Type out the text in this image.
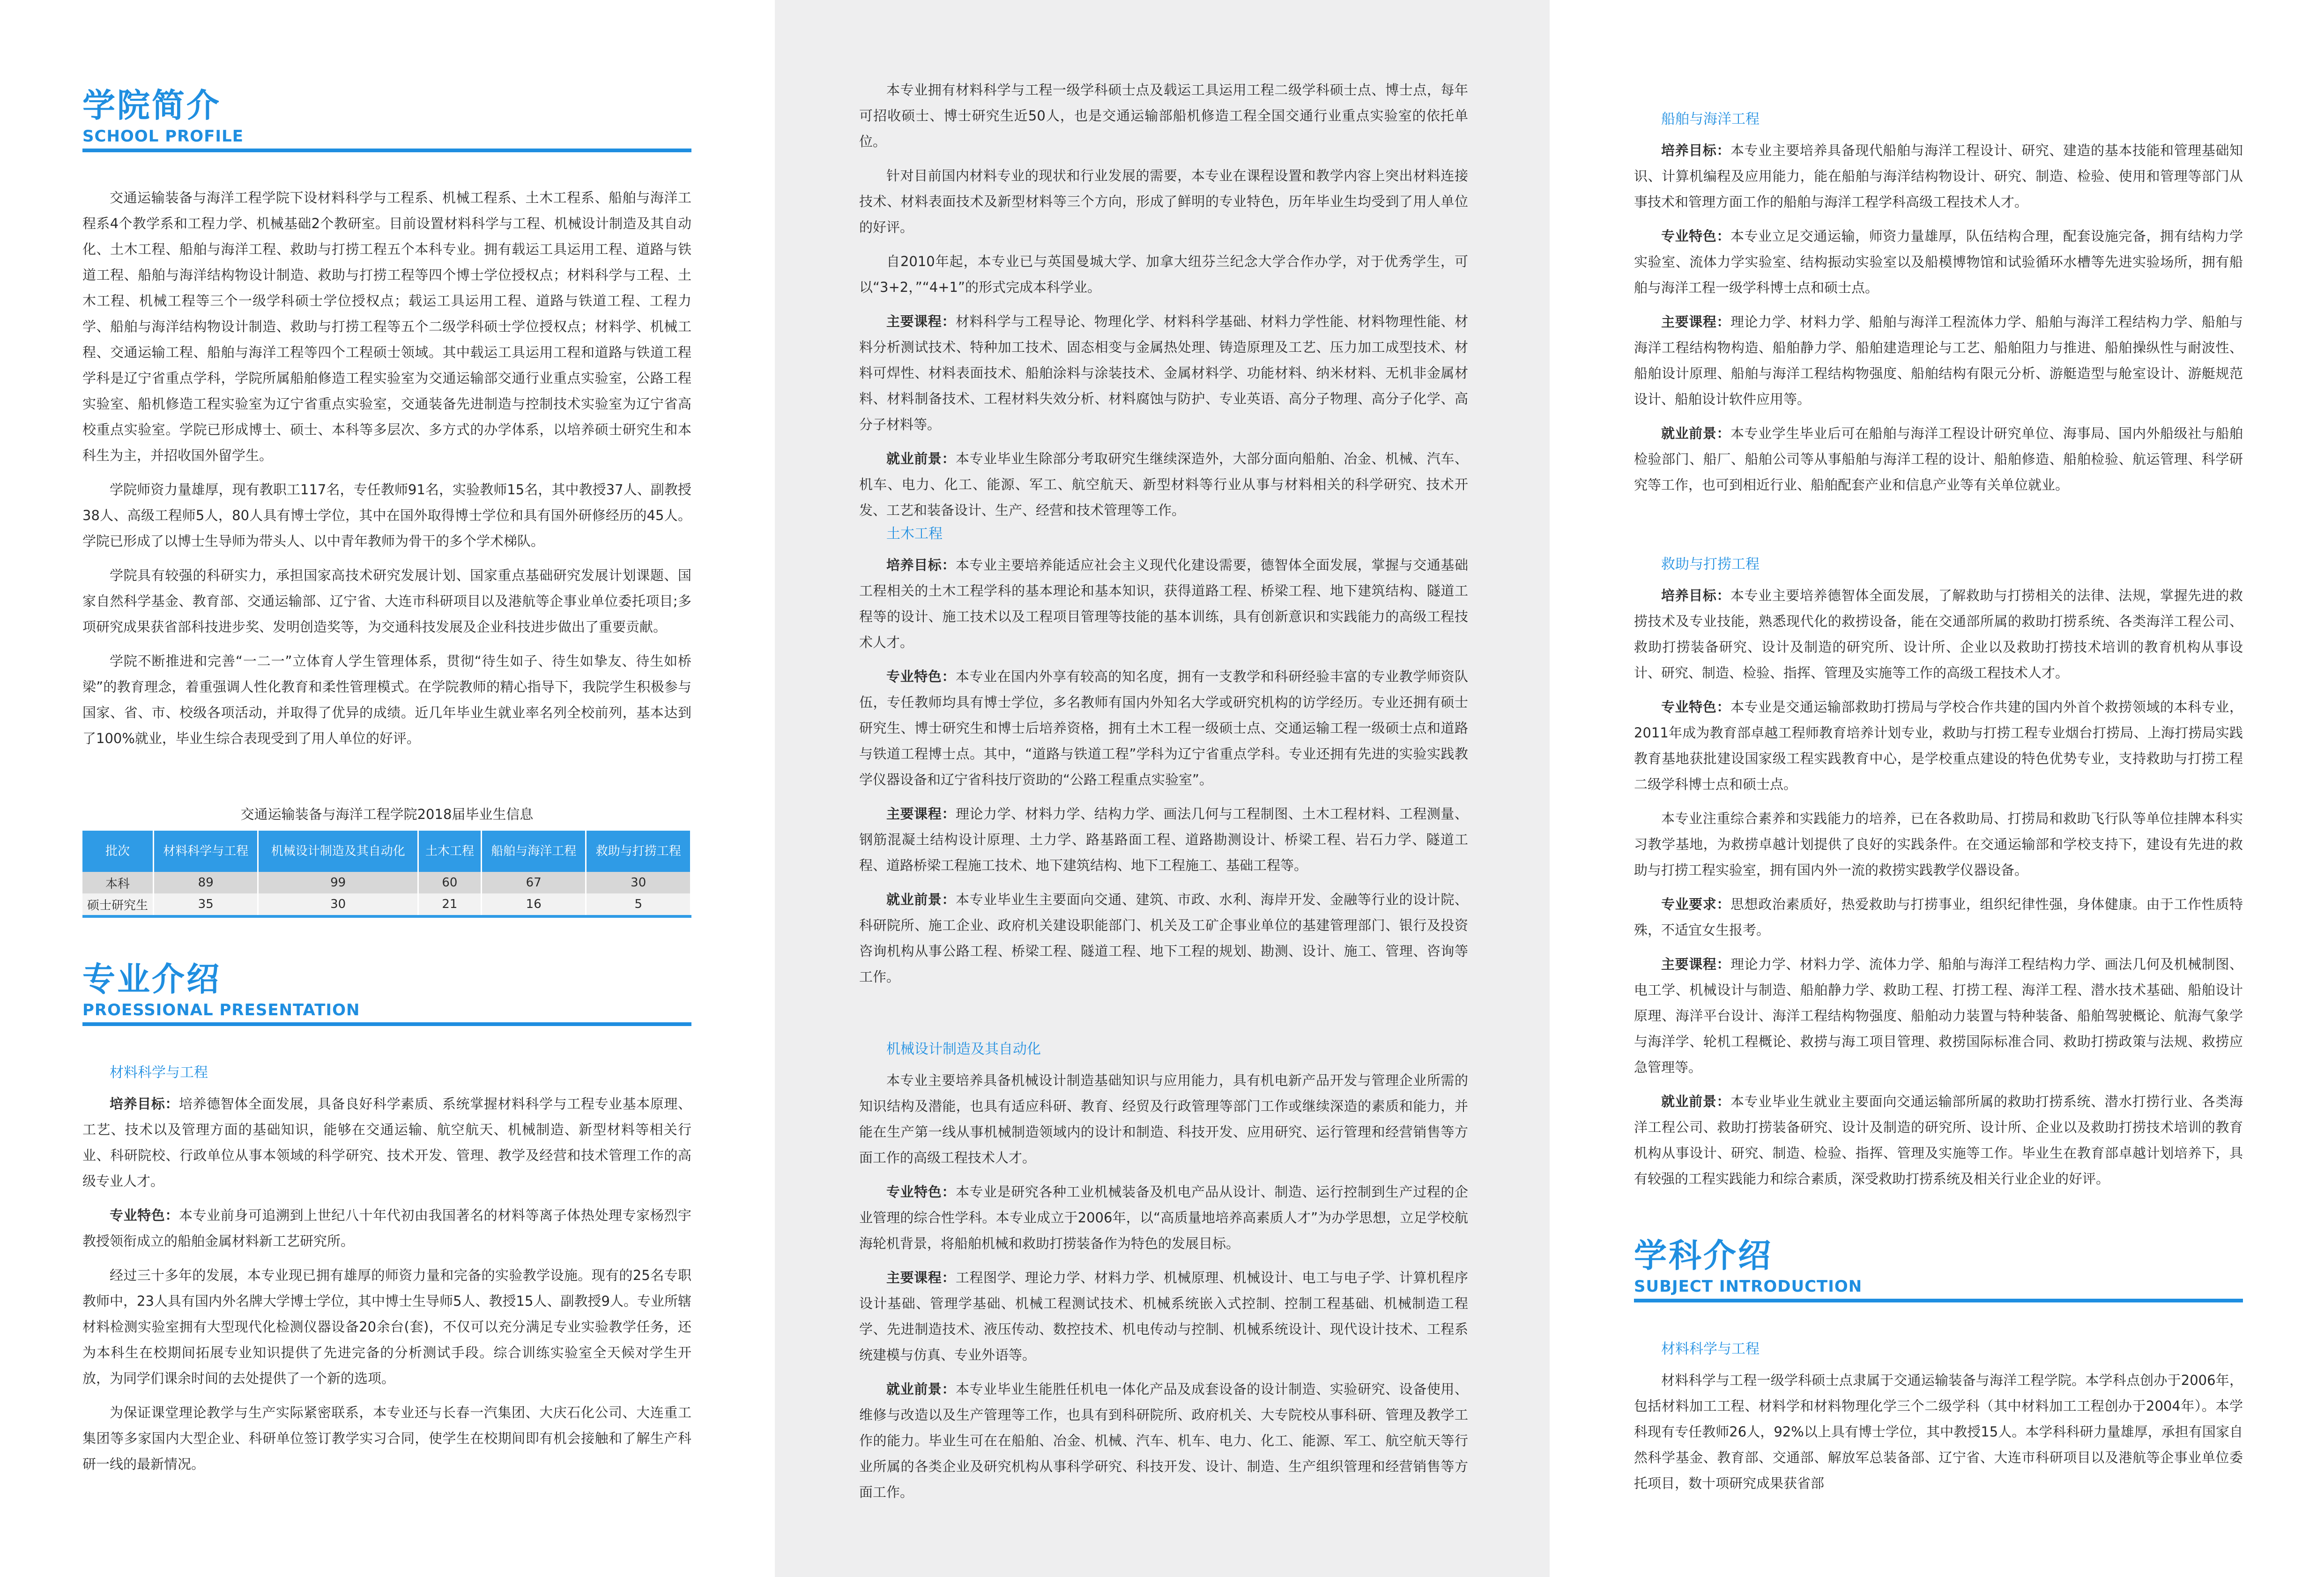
学院简介
SCHOOL PROFILE

交通运输装备与海洋工程学院下设材料科学与工程系、机械工程系、土木工程系、船舶与海洋工程系4个教学系和工程力学、机械基础2个教研室。目前设置材料科学与工程、机械设计制造及其自动化、土木工程、船舶与海洋工程、救助与打捞工程五个本科专业。拥有载运工具运用工程、道路与铁道工程、船舶与海洋结构物设计制造、救助与打捞工程等四个博士学位授权点；材料科学与工程、土木工程、机械工程等三个一级学科硕士学位授权点；载运工具运用工程、道路与铁道工程、工程力学、船舶与海洋结构物设计制造、救助与打捞工程等五个二级学科硕士学位授权点；材料学、机械工程、交通运输工程、船舶与海洋工程等四个工程硕士领域。其中载运工具运用工程和道路与铁道工程学科是辽宁省重点学科，学院所属船舶修造工程实验室为交通运输部交通行业重点实验室，公路工程实验室、船机修造工程实验室为辽宁省重点实验室，交通装备先进制造与控制技术实验室为辽宁省高校重点实验室。学院已形成博士、硕士、本科等多层次、多方式的办学体系，以培养硕士研究生和本科生为主，并招收国外留学生。

学院师资力量雄厚，现有教职工117名，专任教师91名，实验教师15名，其中教授37人、副教授38人、高级工程师5人，80人具有博士学位，其中在国外取得博士学位和具有国外研修经历的45人。学院已形成了以博士生导师为带头人、以中青年教师为骨干的多个学术梯队。

学院具有较强的科研实力，承担国家高技术研究发展计划、国家重点基础研究发展计划课题、国家自然科学基金、教育部、交通运输部、辽宁省、大连市科研项目以及港航等企事业单位委托项目;多项研究成果获省部科技进步奖、发明创造奖等，为交通科技发展及企业科技进步做出了重要贡献。

学院不断推进和完善“一二一”立体育人学生管理体系，贯彻“待生如子、待生如挚友、待生如桥梁”的教育理念，着重强调人性化教育和柔性管理模式。在学院教师的精心指导下，我院学生积极参与国家、省、市、校级各项活动，并取得了优异的成绩。近几年毕业生就业率名列全校前列，基本达到了100%就业，毕业生综合表现受到了用人单位的好评。

交通运输装备与海洋工程学院2018届毕业生信息
批次	材料科学与工程	机械设计制造及其自动化	土木工程	船舶与海洋工程	救助与打捞工程
本科	89	99	60	67	30
硕士研究生	35	30	21	16	5
专业介绍
PROESSIONAL PRESENTATION
材料科学与工程

培养目标：培养德智体全面发展，具备良好科学素质、系统掌握材料科学与工程专业基本原理、工艺、技术以及管理方面的基础知识，能够在交通运输、航空航天、机械制造、新型材料等相关行业、科研院校、行政单位从事本领域的科学研究、技术开发、管理、教学及经营和技术管理工作的高级专业人才。

专业特色：本专业前身可追溯到上世纪八十年代初由我国著名的材料等离子体热处理专家杨烈宇教授领衔成立的船舶金属材料新工艺研究所。

经过三十多年的发展，本专业现已拥有雄厚的师资力量和完备的实验教学设施。现有的25名专职教师中，23人具有国内外名牌大学博士学位，其中博士生导师5人、教授15人、副教授9人。专业所辖材料检测实验室拥有大型现代化检测仪器设备20余台(套)，不仅可以充分满足专业实验教学任务，还为本科生在校期间拓展专业知识提供了先进完备的分析测试手段。综合训练实验室全天候对学生开放，为同学们课余时间的去处提供了一个新的选项。

为保证课堂理论教学与生产实际紧密联系，本专业还与长春一汽集团、大庆石化公司、大连重工集团等多家国内大型企业、科研单位签订教学实习合同，使学生在校期间即有机会接触和了解生产科研一线的最新情况。

本专业拥有材料科学与工程一级学科硕士点及载运工具运用工程二级学科硕士点、博士点，每年可招收硕士、博士研究生近50人，也是交通运输部船机修造工程全国交通行业重点实验室的依托单位。

针对目前国内材料专业的现状和行业发展的需要，本专业在课程设置和教学内容上突出材料连接技术、材料表面技术及新型材料等三个方向，形成了鲜明的专业特色，历年毕业生均受到了用人单位的好评。

自2010年起，本专业已与英国曼城大学、加拿大纽芬兰纪念大学合作办学，对于优秀学生，可以“3+2，”“4+1”的形式完成本科学业。

主要课程：材料科学与工程导论、物理化学、材料科学基础、材料力学性能、材料物理性能、材料分析测试技术、特种加工技术、固态相变与金属热处理、铸造原理及工艺、压力加工成型技术、材料可焊性、材料表面技术、船舶涂料与涂装技术、金属材料学、功能材料、纳米材料、无机非金属材料、材料制备技术、工程材料失效分析、材料腐蚀与防护、专业英语、高分子物理、高分子化学、高分子材料等。

就业前景：本专业毕业生除部分考取研究生继续深造外，大部分面向船舶、冶金、机械、汽车、机车、电力、化工、能源、军工、航空航天、新型材料等行业从事与材料相关的科学研究、技术开发、工艺和装备设计、生产、经营和技术管理等工作。

土木工程

培养目标：本专业主要培养能适应社会主义现代化建设需要，德智体全面发展，掌握与交通基础工程相关的土木工程学科的基本理论和基本知识，获得道路工程、桥梁工程、地下建筑结构、隧道工程等的设计、施工技术以及工程项目管理等技能的基本训练，具有创新意识和实践能力的高级工程技术人才。

专业特色：本专业在国内外享有较高的知名度，拥有一支教学和科研经验丰富的专业教学师资队伍，专任教师均具有博士学位，多名教师有国内外知名大学或研究机构的访学经历。专业还拥有硕士研究生、博士研究生和博士后培养资格，拥有土木工程一级硕士点、交通运输工程一级硕士点和道路与铁道工程博士点。其中，“道路与铁道工程”学科为辽宁省重点学科。专业还拥有先进的实验实践教学仪器设备和辽宁省科技厅资助的“公路工程重点实验室”。

主要课程：理论力学、材料力学、结构力学、画法几何与工程制图、土木工程材料、工程测量、钢筋混凝土结构设计原理、土力学、路基路面工程、道路勘测设计、桥梁工程、岩石力学、隧道工程、道路桥梁工程施工技术、地下建筑结构、地下工程施工、基础工程等。

就业前景：本专业毕业生主要面向交通、建筑、市政、水利、海岸开发、金融等行业的设计院、科研院所、施工企业、政府机关建设职能部门、机关及工矿企事业单位的基建管理部门、银行及投资咨询机构从事公路工程、桥梁工程、隧道工程、地下工程的规划、勘测、设计、施工、管理、咨询等工作。

机械设计制造及其自动化

本专业主要培养具备机械设计制造基础知识与应用能力，具有机电新产品开发与管理企业所需的知识结构及潜能，也具有适应科研、教育、经贸及行政管理等部门工作或继续深造的素质和能力，并能在生产第一线从事机械制造领域内的设计和制造、科技开发、应用研究、运行管理和经营销售等方面工作的高级工程技术人才。

专业特色：本专业是研究各种工业机械装备及机电产品从设计、制造、运行控制到生产过程的企业管理的综合性学科。本专业成立于2006年，以“高质量地培养高素质人才”为办学思想，立足学校航海轮机背景，将船舶机械和救助打捞装备作为特色的发展目标。

主要课程：工程图学、理论力学、材料力学、机械原理、机械设计、电工与电子学、计算机程序设计基础、管理学基础、机械工程测试技术、机械系统嵌入式控制、控制工程基础、机械制造工程学、先进制造技术、液压传动、数控技术、机电传动与控制、机械系统设计、现代设计技术、工程系统建模与仿真、专业外语等。

就业前景：本专业毕业生能胜任机电一体化产品及成套设备的设计制造、实验研究、设备使用、维修与改造以及生产管理等工作，也具有到科研院所、政府机关、大专院校从事科研、管理及教学工作的能力。毕业生可在在船舶、冶金、机械、汽车、机车、电力、化工、能源、军工、航空航天等行业所属的各类企业及研究机构从事科学研究、科技开发、设计、制造、生产组织管理和经营销售等方面工作。

船舶与海洋工程

培养目标：本专业主要培养具备现代船舶与海洋工程设计、研究、建造的基本技能和管理基础知识、计算机编程及应用能力，能在船舶与海洋结构物设计、研究、制造、检验、使用和管理等部门从事技术和管理方面工作的船舶与海洋工程学科高级工程技术人才。

专业特色：本专业立足交通运输，师资力量雄厚，队伍结构合理，配套设施完备，拥有结构力学实验室、流体力学实验室、结构振动实验室以及船模博物馆和试验循环水槽等先进实验场所，拥有船舶与海洋工程一级学科博士点和硕士点。

主要课程：理论力学、材料力学、船舶与海洋工程流体力学、船舶与海洋工程结构力学、船舶与海洋工程结构物构造、船舶静力学、船舶建造理论与工艺、船舶阻力与推进、船舶操纵性与耐波性、船舶设计原理、船舶与海洋工程结构物强度、船舶结构有限元分析、游艇造型与舱室设计、游艇规范设计、船舶设计软件应用等。

就业前景：本专业学生毕业后可在船舶与海洋工程设计研究单位、海事局、国内外船级社与船舶检验部门、船厂、船舶公司等从事船舶与海洋工程的设计、船舶修造、船舶检验、航运管理、科学研究等工作，也可到相近行业、船舶配套产业和信息产业等有关单位就业。

救助与打捞工程

培养目标：本专业主要培养德智体全面发展，了解救助与打捞相关的法律、法规，掌握先进的救捞技术及专业技能，熟悉现代化的救捞设备，能在交通部所属的救助打捞系统、各类海洋工程公司、救助打捞装备研究、设计及制造的研究所、设计所、企业以及救助打捞技术培训的教育机构从事设计、研究、制造、检验、指挥、管理及实施等工作的高级工程技术人才。

专业特色：本专业是交通运输部救助打捞局与学校合作共建的国内外首个救捞领域的本科专业，2011年成为教育部卓越工程师教育培养计划专业，救助与打捞工程专业烟台打捞局、上海打捞局实践教育基地获批建设国家级工程实践教育中心，是学校重点建设的特色优势专业，支持救助与打捞工程二级学科博士点和硕士点。

本专业注重综合素养和实践能力的培养，已在各救助局、打捞局和救助飞行队等单位挂牌本科实习教学基地，为救捞卓越计划提供了良好的实践条件。在交通运输部和学校支持下，建设有先进的救助与打捞工程实验室，拥有国内外一流的救捞实践教学仪器设备。

专业要求：思想政治素质好，热爱救助与打捞事业，组织纪律性强，身体健康。由于工作性质特殊，不适宜女生报考。

主要课程：理论力学、材料力学、流体力学、船舶与海洋工程结构力学、画法几何及机械制图、电工学、机械设计与制造、船舶静力学、救助工程、打捞工程、海洋工程、潜水技术基础、船舶设计原理、海洋平台设计、海洋工程结构物强度、船舶动力装置与特种装备、船舶驾驶概论、航海气象学与海洋学、轮机工程概论、救捞与海工项目管理、救捞国际标准合同、救助打捞政策与法规、救捞应急管理等。

就业前景：本专业毕业生就业主要面向交通运输部所属的救助打捞系统、潜水打捞行业、各类海洋工程公司、救助打捞装备研究、设计及制造的研究所、设计所、企业以及救助打捞技术培训的教育机构从事设计、研究、制造、检验、指挥、管理及实施等工作。毕业生在教育部卓越计划培养下，具有较强的工程实践能力和综合素质，深受救助打捞系统及相关行业企业的好评。

学科介绍
SUBJECT INTRODUCTION
材料科学与工程

材料科学与工程一级学科硕士点隶属于交通运输装备与海洋工程学院。本学科点创办于2006年，包括材料加工工程、材料学和材料物理化学三个二级学科（其中材料加工工程创办于2004年）。本学科现有专任教师26人，92%以上具有博士学位，其中教授15人。本学科科研力量雄厚，承担有国家自然科学基金、教育部、交通部、解放军总装备部、辽宁省、大连市科研项目以及港航等企事业单位委托项目，数十项研究成果获省部
